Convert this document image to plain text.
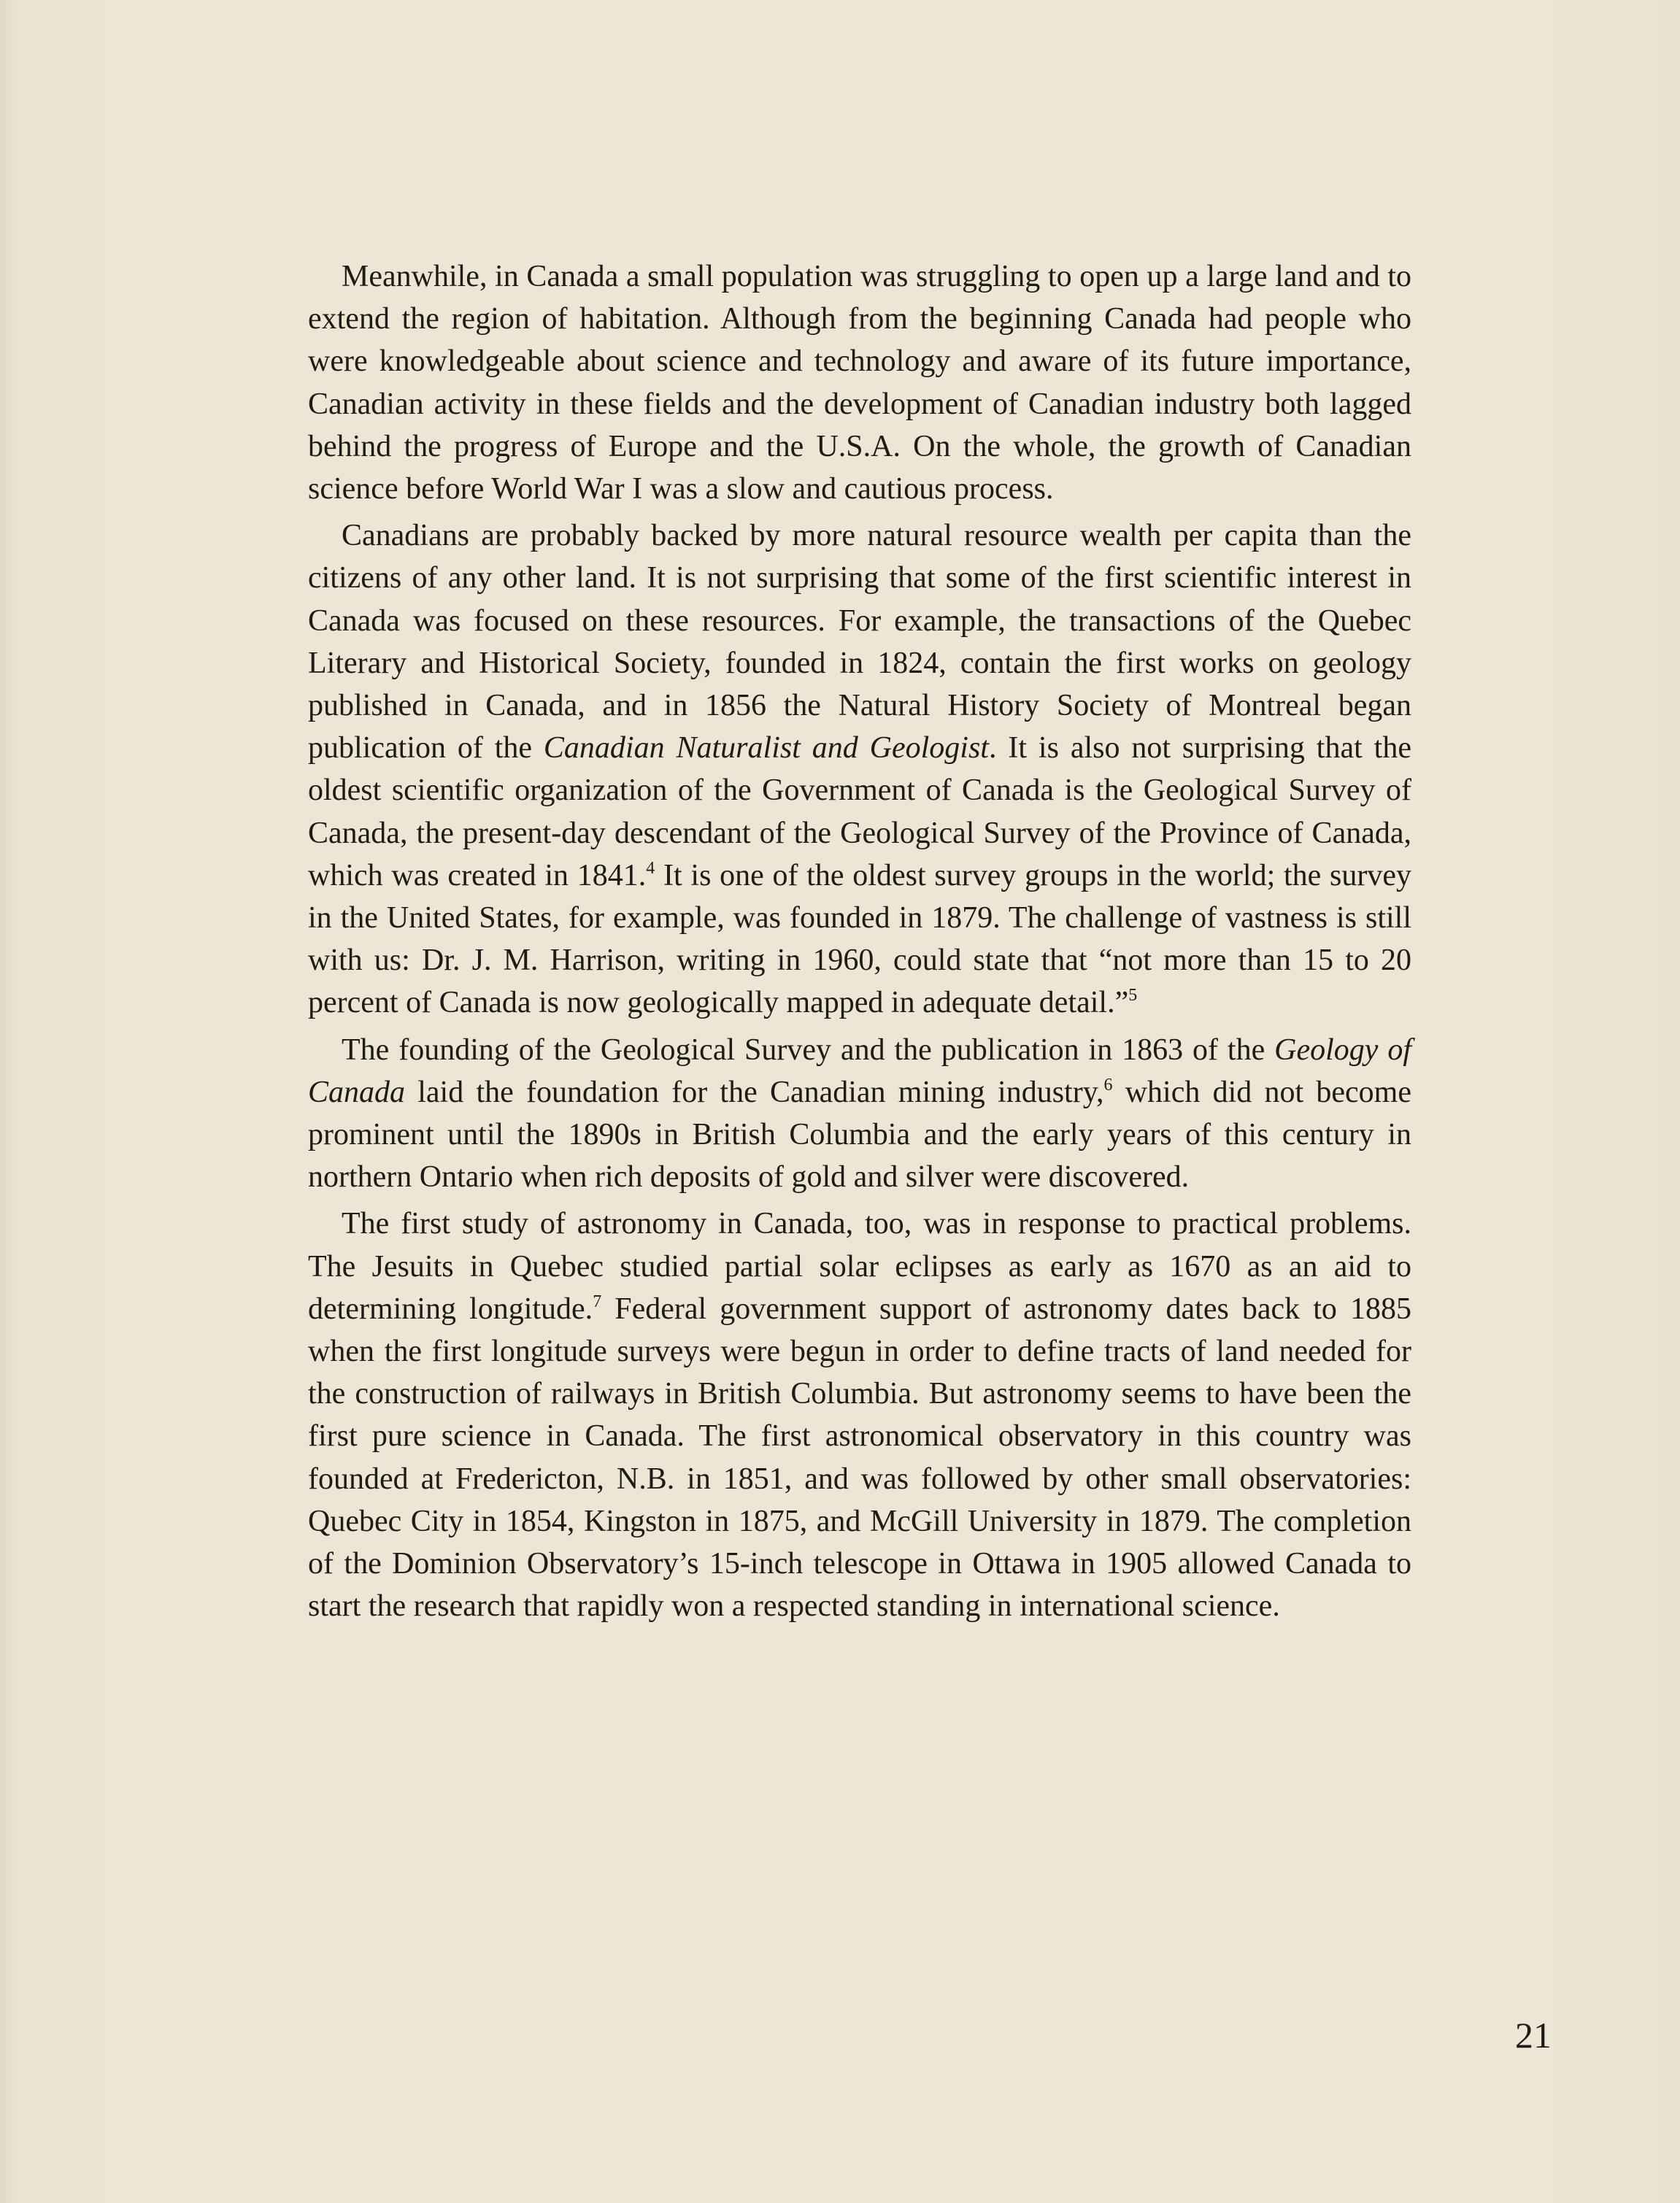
Meanwhile, in Canada a small population was struggling to open up a large land and to extend the region of habitation. Although from the beginning Canada had people who were knowledgeable about science and technology and aware of its future importance, Canadian activity in these fields and the development of Canadian industry both lagged behind the progress of Europe and the U.S.A. On the whole, the growth of Canadian science before World War I was a slow and cautious process.

Canadians are probably backed by more natural resource wealth per capita than the citizens of any other land. It is not surprising that some of the first scientific interest in Canada was focused on these resources. For example, the transactions of the Quebec Literary and Historical Society, founded in 1824, contain the first works on geology published in Canada, and in 1856 the Natural History Society of Montreal began publication of the Canadian Naturalist and Geologist. It is also not surprising that the oldest scientific organization of the Government of Canada is the Geological Survey of Canada, the present-day descendant of the Geological Survey of the Province of Canada, which was created in 1841.$^4$ It is one of the oldest survey groups in the world; the survey in the United States, for example, was founded in 1879. The challenge of vastness is still with us: Dr. J. M. Harrison, writing in 1960, could state that “not more than 15 to 20 percent of Canada is now geologically mapped in adequate detail.”$^5$

The founding of the Geological Survey and the publication in 1863 of the Geology of Canada laid the foundation for the Canadian mining industry,$^6$ which did not become prominent until the 1890s in British Columbia and the early years of this century in northern Ontario when rich deposits of gold and silver were discovered.

The first study of astronomy in Canada, too, was in response to practical problems. The Jesuits in Quebec studied partial solar eclipses as early as 1670 as an aid to determining longitude.$^7$ Federal government support of astronomy dates back to 1885 when the first longitude surveys were begun in order to define tracts of land needed for the construction of railways in British Columbia. But astronomy seems to have been the first pure science in Canada. The first astronomical observatory in this country was founded at Fredericton, N.B. in 1851, and was followed by other small observatories: Quebec City in 1854, Kingston in 1875, and McGill University in 1879. The completion of the Dominion Observatory’s 15-inch telescope in Ottawa in 1905 allowed Canada to start the research that rapidly won a respected standing in international science.

21
